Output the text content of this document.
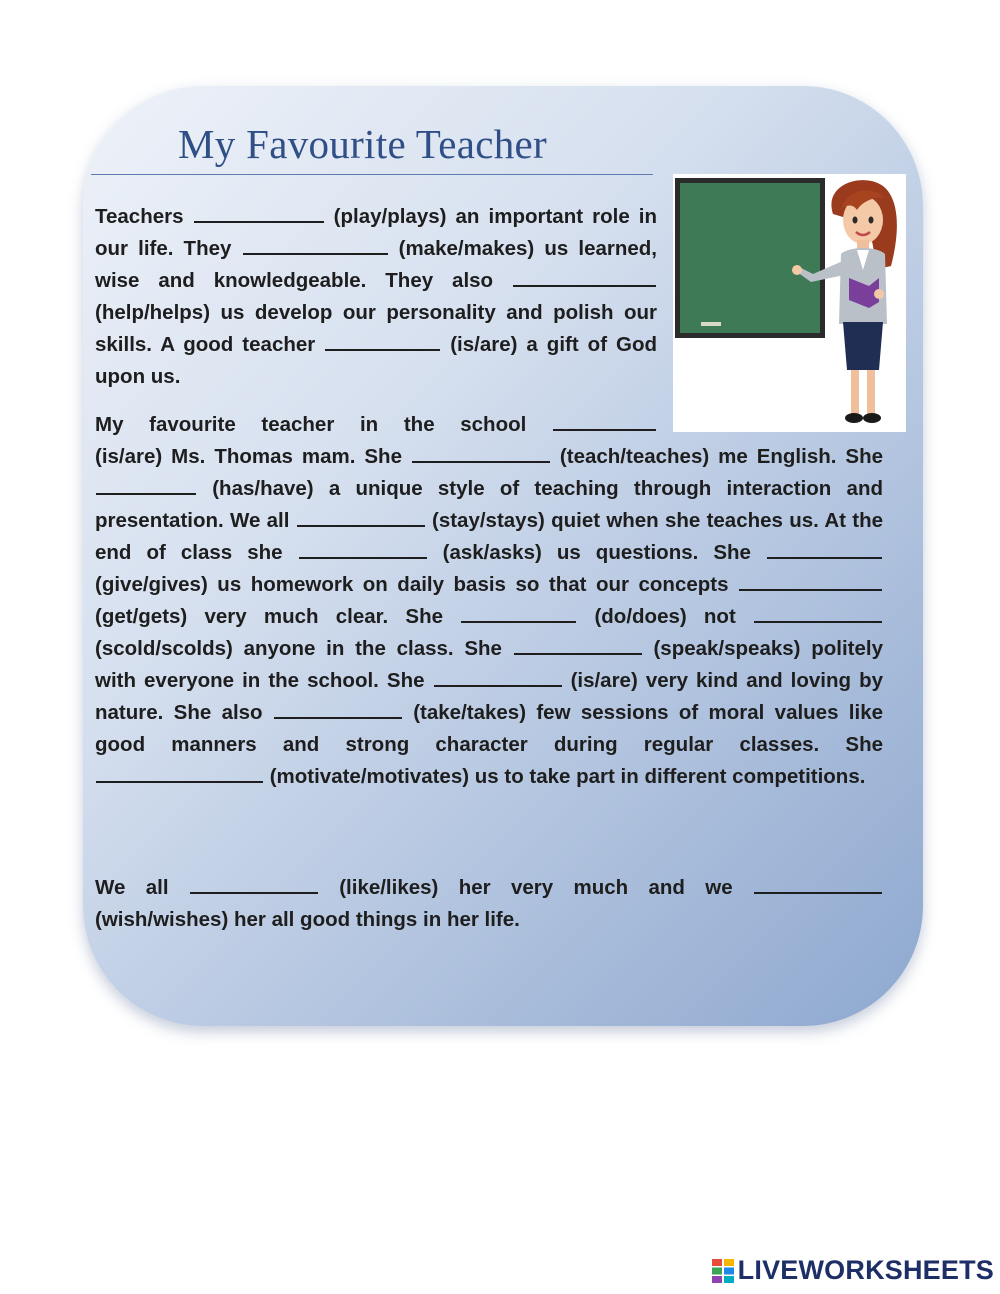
My Favourite Teacher

Teachers	(play/plays) an important role in our life. They	(make/makes) us learned, wise and knowledgeable. They also  (help/helps) us develop our personality and polish our skills. A good teacher	(is/are) a gift of God upon us.

My favourite teacher in the school
(is/are) Ms. Thomas mam. She	(teach/teaches) me English. She  (has/have) a unique style of teaching through interaction and presentation. We all	(stay/stays) quiet when she teaches us. At the end of class she	(ask/asks) us questions. She  (give/gives) us homework on daily basis so that our concepts  (get/gets) very much clear. She	(do/does) not  (scold/scolds) anyone in the class. She	(speak/speaks) politely with everyone in the school. She	(is/are) very kind and loving by nature. She also	(take/takes) few sessions of moral values like good manners and strong character during regular classes. She  (motivate/motivates) us to take part in different competitions.

We all	(like/likes) her very much and we  (wish/wishes) her all good things in her life.

LIVEWORKSHEETS
